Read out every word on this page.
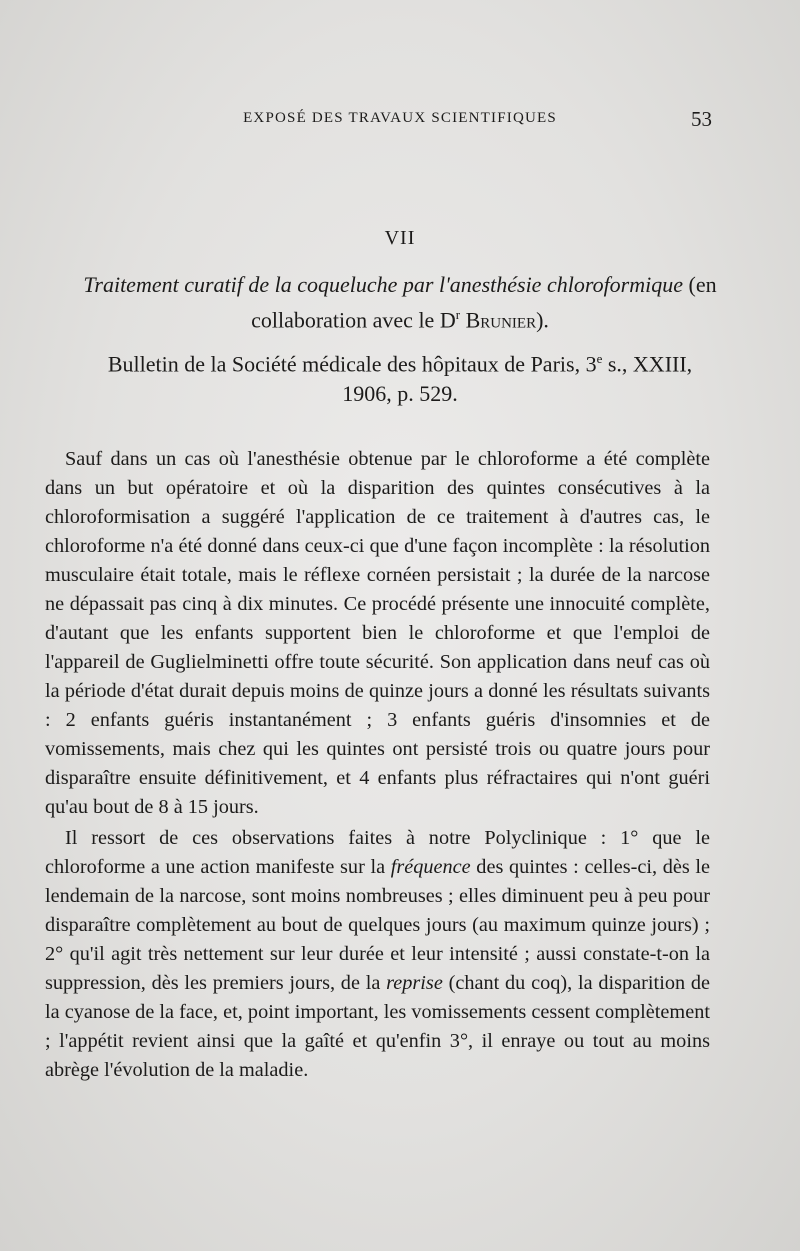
EXPOSÉ DES TRAVAUX SCIENTIFIQUES	53
VII
Traitement curatif de la coqueluche par l'anesthésie chloroformique (en
collaboration avec le $D^r$ Brunier).
Bulletin de la Société médicale des hôpitaux de Paris, 3e s., XXIII,
1906, p. 529.

Sauf dans un cas où l'anesthésie obtenue par le chloroforme a été complète dans un but opératoire et où la disparition des quintes consécutives à la chloroformisation a suggéré l'application de ce traitement à d'autres cas, le chloroforme n'a été donné dans ceux-ci que d'une façon incomplète : la résolution musculaire était totale, mais le réflexe cornéen persistait ; la durée de la narcose ne dépassait pas cinq à dix minutes. Ce procédé présente une innocuité complète, d'autant que les enfants supportent bien le chloroforme et que l'emploi de l'appareil de Guglielminetti offre toute sécurité. Son application dans neuf cas où la période d'état durait depuis moins de quinze jours a donné les résultats suivants : 2 enfants guéris instantanément ; 3 enfants guéris d'insomnies et de vomissements, mais chez qui les quintes ont persisté trois ou quatre jours pour disparaître ensuite définitivement, et 4 enfants plus réfractaires qui n'ont guéri qu'au bout de 8 à 15 jours.

Il ressort de ces observations faites à notre Polyclinique : 1° que le chloroforme a une action manifeste sur la fréquence des quintes : celles-ci, dès le lendemain de la narcose, sont moins nombreuses ; elles diminuent peu à peu pour disparaître complètement au bout de quelques jours (au maximum quinze jours) ; 2° qu'il agit très nettement sur leur durée et leur intensité ; aussi constate-t-on la suppression, dès les premiers jours, de la reprise (chant du coq), la disparition de la cyanose de la face, et, point important, les vomissements cessent complètement ; l'appétit revient ainsi que la gaîté et qu'enfin 3°, il enraye ou tout au moins abrège l'évolution de la maladie.
